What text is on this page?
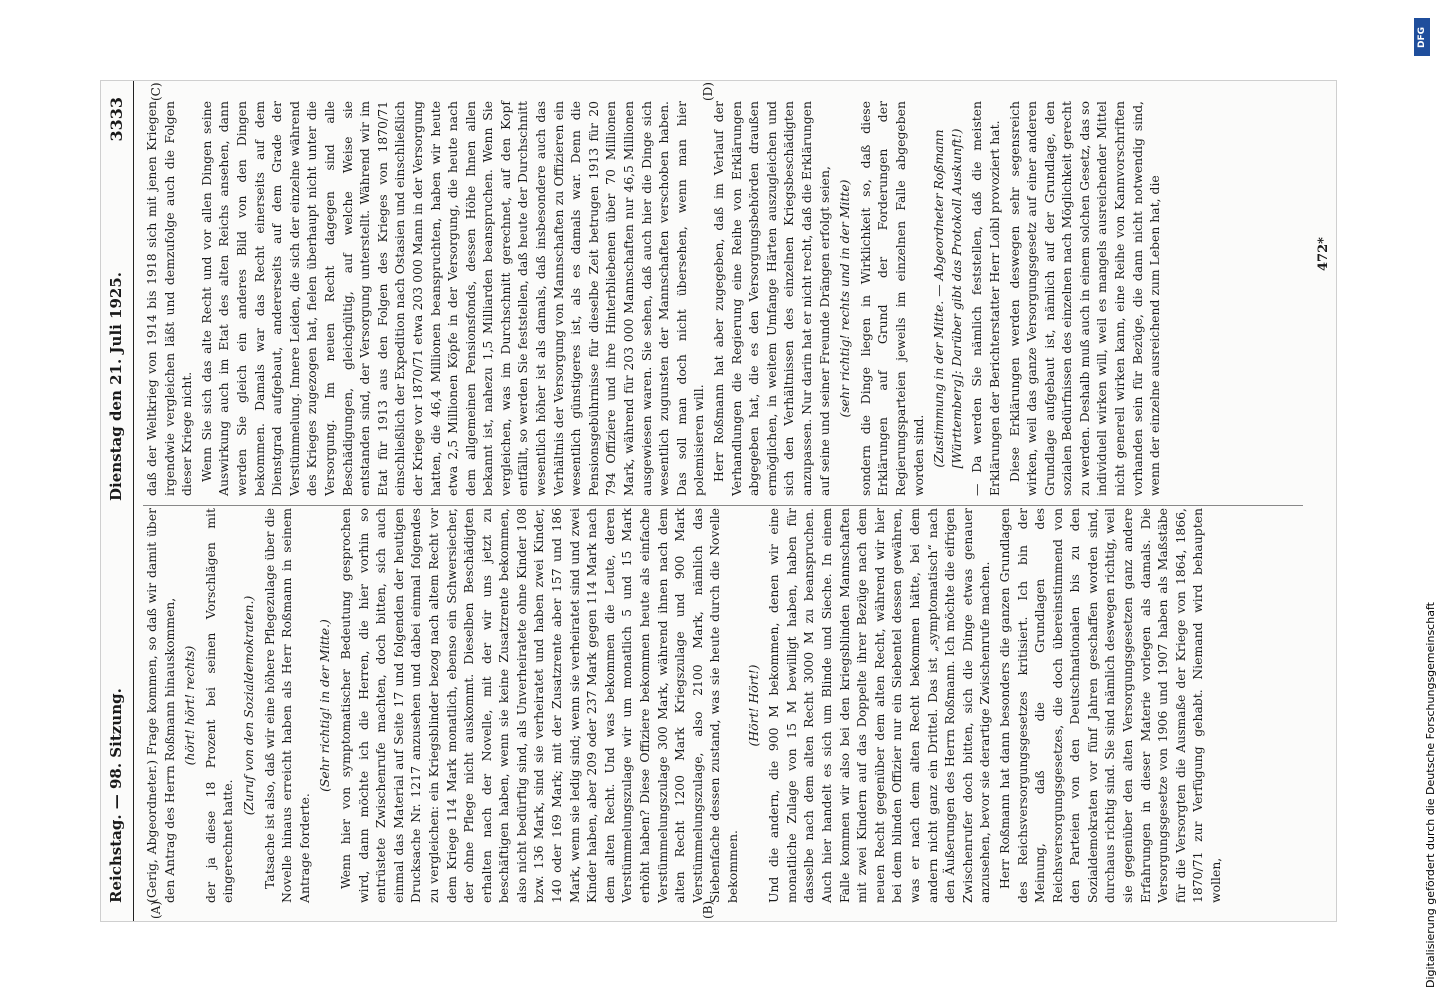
Reichstag. — 98. Sitzung.
Dienstag den 21. Juli 1925.
3333
(A)	(B)
(C)	(D)

(Gerig, Abgeordneter.) Frage kommen, so daß wir damit über den Antrag des Herrn Roßmann hinauskommen, (hört! hört! rechts) der ja diese 18 Prozent bei seinen Vorschlägen mit eingerechnet hatte.

(Zuruf von den Sozialdemokraten.) Tatsache ist also, daß wir eine höhere Pflegezulage über die Novelle hinaus erreicht haben als Herr Roßmann in seinem Antrage forderte.

(Sehr richtig! in der Mitte.) Wenn hier von symptomatischer Bedeutung gesprochen wird, dann möchte ich die Herren, die hier vorhin so entrüstete Zwischenrufe machten, doch bitten, sich auch einmal das Material auf Seite 17 und folgenden der heutigen Drucksache Nr. 1217 anzusehen und dabei einmal folgendes zu vergleichen: ein Kriegsblinder bezog nach altem Recht vor dem Kriege 114 Mark monatlich, ebenso ein Schwersiecher, der ohne Pflege nicht auskommt. Dieselben Beschädigten erhalten nach der Novelle, mit der wir uns jetzt zu beschäftigen haben, wenn sie keine Zusatzrente bekommen, also nicht bedürftig sind, als Unverheiratete ohne Kinder 108 bzw. 136 Mark, sind sie verheiratet und haben zwei Kinder, 140 oder 169 Mark; mit der Zusatzrente aber 157 und 186 Mark, wenn sie ledig sind; wenn sie verheiratet sind und zwei Kinder haben, aber 209 oder 237 Mark gegen 114 Mark nach dem alten Recht. Und was bekommen die Leute, deren Verstümmelungszulage wir um monatlich 5 und 15 Mark erhöht haben? Diese Offiziere bekommen heute als einfache Verstümmelungszulage 300 Mark, während ihnen nach dem alten Recht 1200 Mark Kriegszulage und 900 Mark Verstümmelungszulage, also 2100 Mark, nämlich das Siebenfache dessen zustand, was sie heute durch die Novelle bekommen.

(Hört! Hört!) Und die andern, die 900 M bekommen, denen wir eine monatliche Zulage von 15 M bewilligt haben, haben für dasselbe nach dem alten Recht 3000 M zu beanspruchen. Auch hier handelt es sich um Blinde und Sieche. In einem Falle kommen wir also bei den kriegsblinden Mannschaften mit zwei Kindern auf das Doppelte ihrer Bezüge nach dem neuen Recht gegenüber dem alten Recht, während wir hier bei dem blinden Offizier nur ein Siebentel dessen gewähren, was er nach dem alten Recht bekommen hätte, bei dem andern nicht ganz ein Drittel. Das ist „symptomatisch“ nach den Äußerungen des Herrn Roßmann. Ich möchte die eifrigen Zwischenrufer doch bitten, sich die Dinge etwas genauer anzusehen, bevor sie derartige Zwischenrufe machen. Herr Roßmann hat dann besonders die ganzen Grundlagen des Reichsversorgungsgesetzes kritisiert. Ich bin der Meinung, daß die Grundlagen des Reichsversorgungsgesetzes, die doch übereinstimmend von den Parteien von den Deutschnationalen bis zu den Sozialdemokraten vor fünf Jahren geschaffen worden sind, durchaus richtig sind. Sie sind nämlich deswegen richtig, weil sie gegenüber den alten Versorgungsgesetzen ganz andere Erfahrungen in dieser Materie vorlegen als damals. Die Versorgungsgesetze von 1906 und 1907 haben als Maßstäbe für die Versorgten die Ausmaße der Kriege von 1864, 1866, 1870/71 zur Verfügung gehabt. Niemand wird behaupten wollen,

daß der Weltkrieg von 1914 bis 1918 sich mit jenen Kriegen irgendwie vergleichen läßt und demzufolge auch die Folgen dieser Kriege nicht. Wenn Sie sich das alte Recht und vor allen Dingen seine Auswirkung auch im Etat des alten Reichs ansehen, dann werden Sie gleich ein anderes Bild von den Dingen bekommen. Damals war das Recht einerseits auf dem Dienstgrad aufgebaut, andererseits auf dem Grade der Verstümmelung. Innere Leiden, die sich der einzelne während des Krieges zugezogen hat, fielen überhaupt nicht unter die Versorgung. Im neuen Recht dagegen sind alle Beschädigungen, gleichgültig, auf welche Weise sie entstanden sind, der Versorgung unterstellt. Während wir im Etat für 1913 aus den Folgen des Krieges von 1870/71 einschließlich der Expedition nach Ostasien und einschließlich der Kriege vor 1870/71 etwa 203 000 Mann in der Versorgung hatten, die 46,4 Millionen beanspruchten, haben wir heute etwa 2,5 Millionen Köpfe in der Versorgung, die heute nach dem allgemeinen Pensionsfonds, dessen Höhe Ihnen allen bekannt ist, nahezu 1,5 Milliarden beanspruchen. Wenn Sie vergleichen, was im Durchschnitt gerechnet, auf den Kopf entfällt, so werden Sie feststellen, daß heute der Durchschnitt wesentlich höher ist als damals, daß insbesondere auch das Verhältnis der Versorgung von Mannschaften zu Offizieren ein wesentlich günstigeres ist, als es damals war. Denn die Pensionsgebührnisse für dieselbe Zeit betrugen 1913 für 20 794 Offiziere und ihre Hinterbliebenen über 70 Millionen Mark, während für 203 000 Mannschaften nur 46,5 Millionen ausgewiesen waren. Sie sehen, daß auch hier die Dinge sich wesentlich zugunsten der Mannschaften verschoben haben. Das soll man doch nicht übersehen, wenn man hier polemisieren will. Herr Roßmann hat aber zugegeben, daß im Verlauf der Verhandlungen die Regierung eine Reihe von Erklärungen abgegeben hat, die es den Versorgungsbehörden draußen ermöglichen, in weitem Umfange Härten auszugleichen und sich den Verhältnissen des einzelnen Kriegsbeschädigten anzupassen. Nur darin hat er nicht recht, daß die Erklärungen auf seine und seiner Freunde Drängen erfolgt seien, (sehr richtig! rechts und in der Mitte) sondern die Dinge liegen in Wirklichkeit so, daß diese Erklärungen auf Grund der Forderungen der Regierungsparteien jeweils im einzelnen Falle abgegeben worden sind. (Zustimmung in der Mitte. — Abgeordneter Roßmann [Württemberg]: Darüber gibt das Protokoll Auskunft!) — Da werden Sie nämlich feststellen, daß die meisten Erklärungen der Berichterstatter Herr Loibl provoziert hat. Diese Erklärungen werden deswegen sehr segensreich wirken, weil das ganze Versorgungsgesetz auf einer anderen Grundlage aufgebaut ist, nämlich auf der Grundlage, den sozialen Bedürfnissen des einzelnen nach Möglichkeit gerecht zu werden. Deshalb muß auch in einem solchen Gesetz, das so individuell wirken will, weil es mangels ausreichender Mittel nicht generell wirken kann, eine Reihe von Kannvorschriften vorhanden sein für Bezüge, die dann nicht notwendig sind, wenn der einzelne ausreichend zum Leben hat, die	472*
DFG
Digitalisierung gefördert durch die Deutsche Forschungsgemeinschaft
